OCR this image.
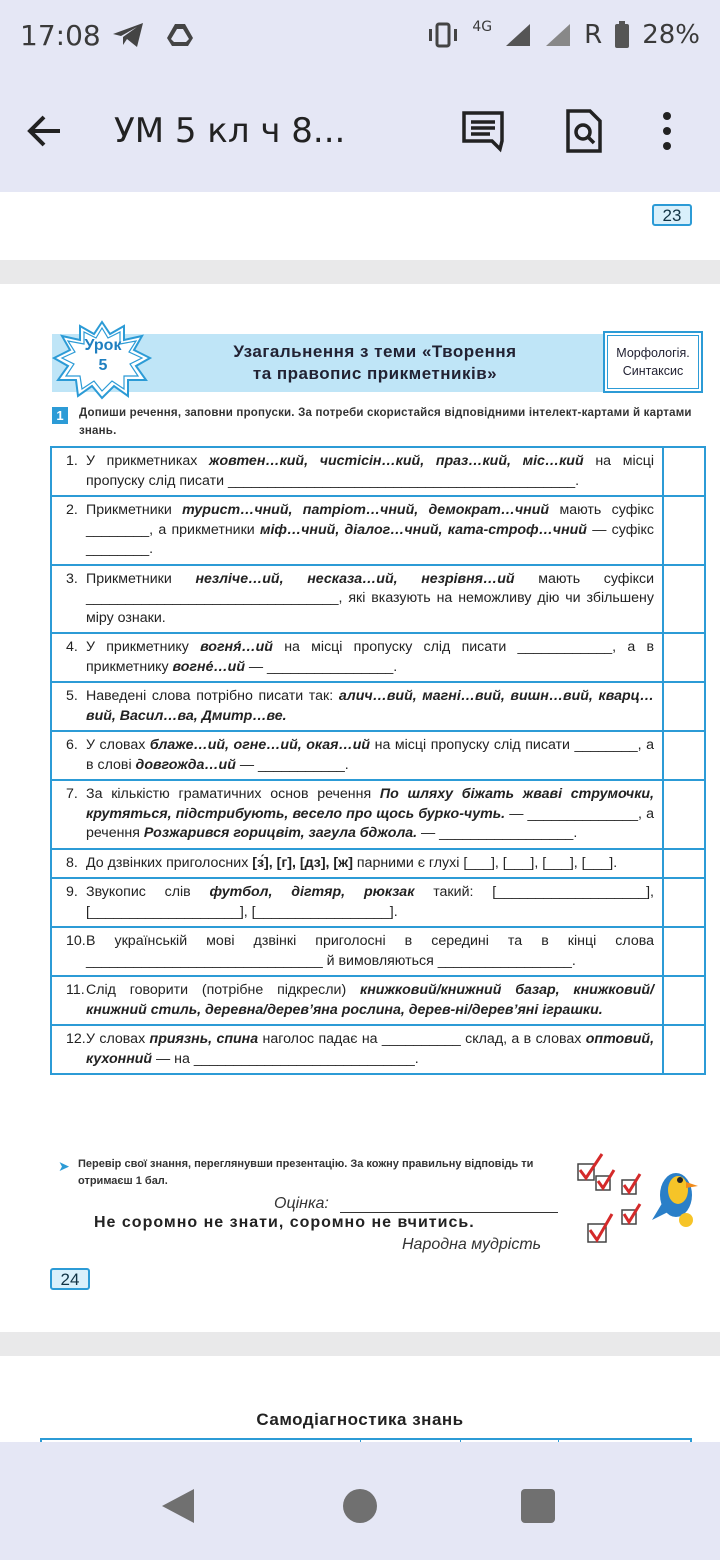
17:08	4G	R 28%
УМ 5 кл ч 8...
23
Урок
5
Узагальнення з теми «Творення
та правопис прикметників»
Морфологія.
Синтаксис
1	Допиши речення, заповни пропуски. За потреби скористайся відповідними інтелект-картами й картами знань.
1. У прикметниках жовтен…кий, чистісін…кий, праз…кий, міс…кий на місці пропуску слід писати ____________________________________________.
2. Прикметники турист…чний, патріот…чний, демократ…чний мають суфікс ________, а прикметники міф…чний, діалог…чний, ката-строф…чний — суфікс ________.
3. Прикметники незліче…ий, несказа…ий, незрівня…ий мають суфікси ________________________________, які вказують на неможливу дію чи збільшену міру ознаки.
4. У прикметнику вогня́…ий на місці пропуску слід писати ____________, а в прикметнику вогне́…ий — ________________.
5. Наведені слова потрібно писати так: алич…вий, магні…вий, вишн…вий, кварц…вий, Васил…ва, Дмитр…ве.
6. У словах блаже…ий, огне…ий, окая…ий на місці пропуску слід писати ________, а в слові довгожда…ий — ___________.
7. За кількістю граматичних основ речення По шляху біжать жваві струмочки, крутяться, підстрибують, весело про щось бурко-чуть. — ______________, а речення Розжарився горицвіт, загула бджола. — _________________.
8. До дзвінких приголосних [з́], [г], [дз], [ж] парними є глухі [___], [___], [___], [___].
9. Звукопис слів футбол, дігтяр, рюкзак такий: [___________________], [___________________], [_________________].
10. В українській мові дзвінкі приголосні в середині та в кінці слова ______________________________ й вимовляються _________________.
11. Слід говорити (потрібне підкресли) книжковий/книжний базар, книжковий/книжний стиль, деревна/дерев’яна рослина, дерев-ні/дерев’яні іграшки.
12. У словах приязнь, спина наголос падає на __________ склад, а в словах оптовий, кухонний — на ____________________________.
➤ Перевір свої знання, переглянувши презентацію. За кожну правильну відповідь ти отримаєш 1 бал.
Оцінка:
Не соромно не знати, соромно не вчитись.
Народна мудрість
24
Самодіагностика знань
